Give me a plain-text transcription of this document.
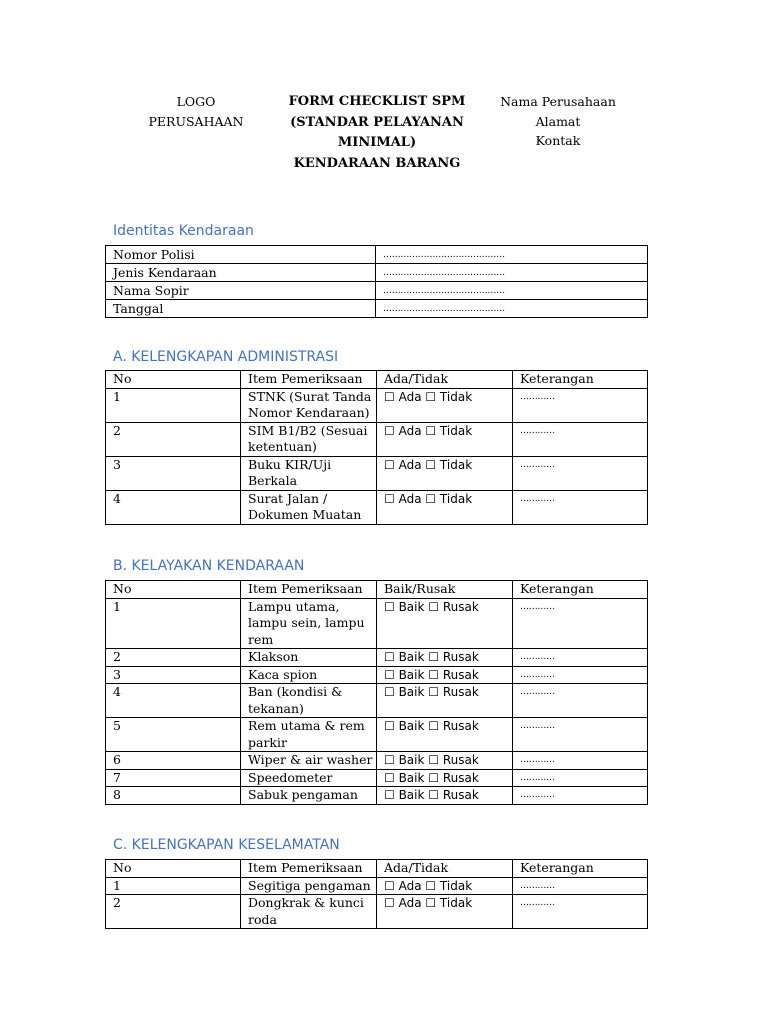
LOGO
PERUSAHAAN
FORM CHECKLIST SPM
(STANDAR PELAYANAN
MINIMAL)
KENDARAAN BARANG
Nama Perusahaan
Alamat
Kontak
Identitas Kendaraan
Nomor Polisi	……………………………………
Jenis Kendaraan	……………………………………
Nama Sopir	……………………………………
Tanggal	……………………………………
A. KELENGKAPAN ADMINISTRASI
No	Item Pemeriksaan	Ada/Tidak	Keterangan
1	STNK (Surat Tanda Nomor Kendaraan)	☐ Ada ☐ Tidak	…………
2	SIM B1/B2 (Sesuai ketentuan)	☐ Ada ☐ Tidak	…………
3	Buku KIR/Uji Berkala	☐ Ada ☐ Tidak	…………
4	Surat Jalan / Dokumen Muatan	☐ Ada ☐ Tidak	…………
B. KELAYAKAN KENDARAAN
No	Item Pemeriksaan	Baik/Rusak	Keterangan
1	Lampu utama, lampu sein, lampu rem	☐ Baik ☐ Rusak	…………
2	Klakson	☐ Baik ☐ Rusak	…………
3	Kaca spion	☐ Baik ☐ Rusak	…………
4	Ban (kondisi & tekanan)	☐ Baik ☐ Rusak	…………
5	Rem utama & rem parkir	☐ Baik ☐ Rusak	…………
6	Wiper & air washer	☐ Baik ☐ Rusak	…………
7	Speedometer	☐ Baik ☐ Rusak	…………
8	Sabuk pengaman	☐ Baik ☐ Rusak	…………
C. KELENGKAPAN KESELAMATAN
No	Item Pemeriksaan	Ada/Tidak	Keterangan
1	Segitiga pengaman	☐ Ada ☐ Tidak	…………
2	Dongkrak & kunci roda	☐ Ada ☐ Tidak	…………
